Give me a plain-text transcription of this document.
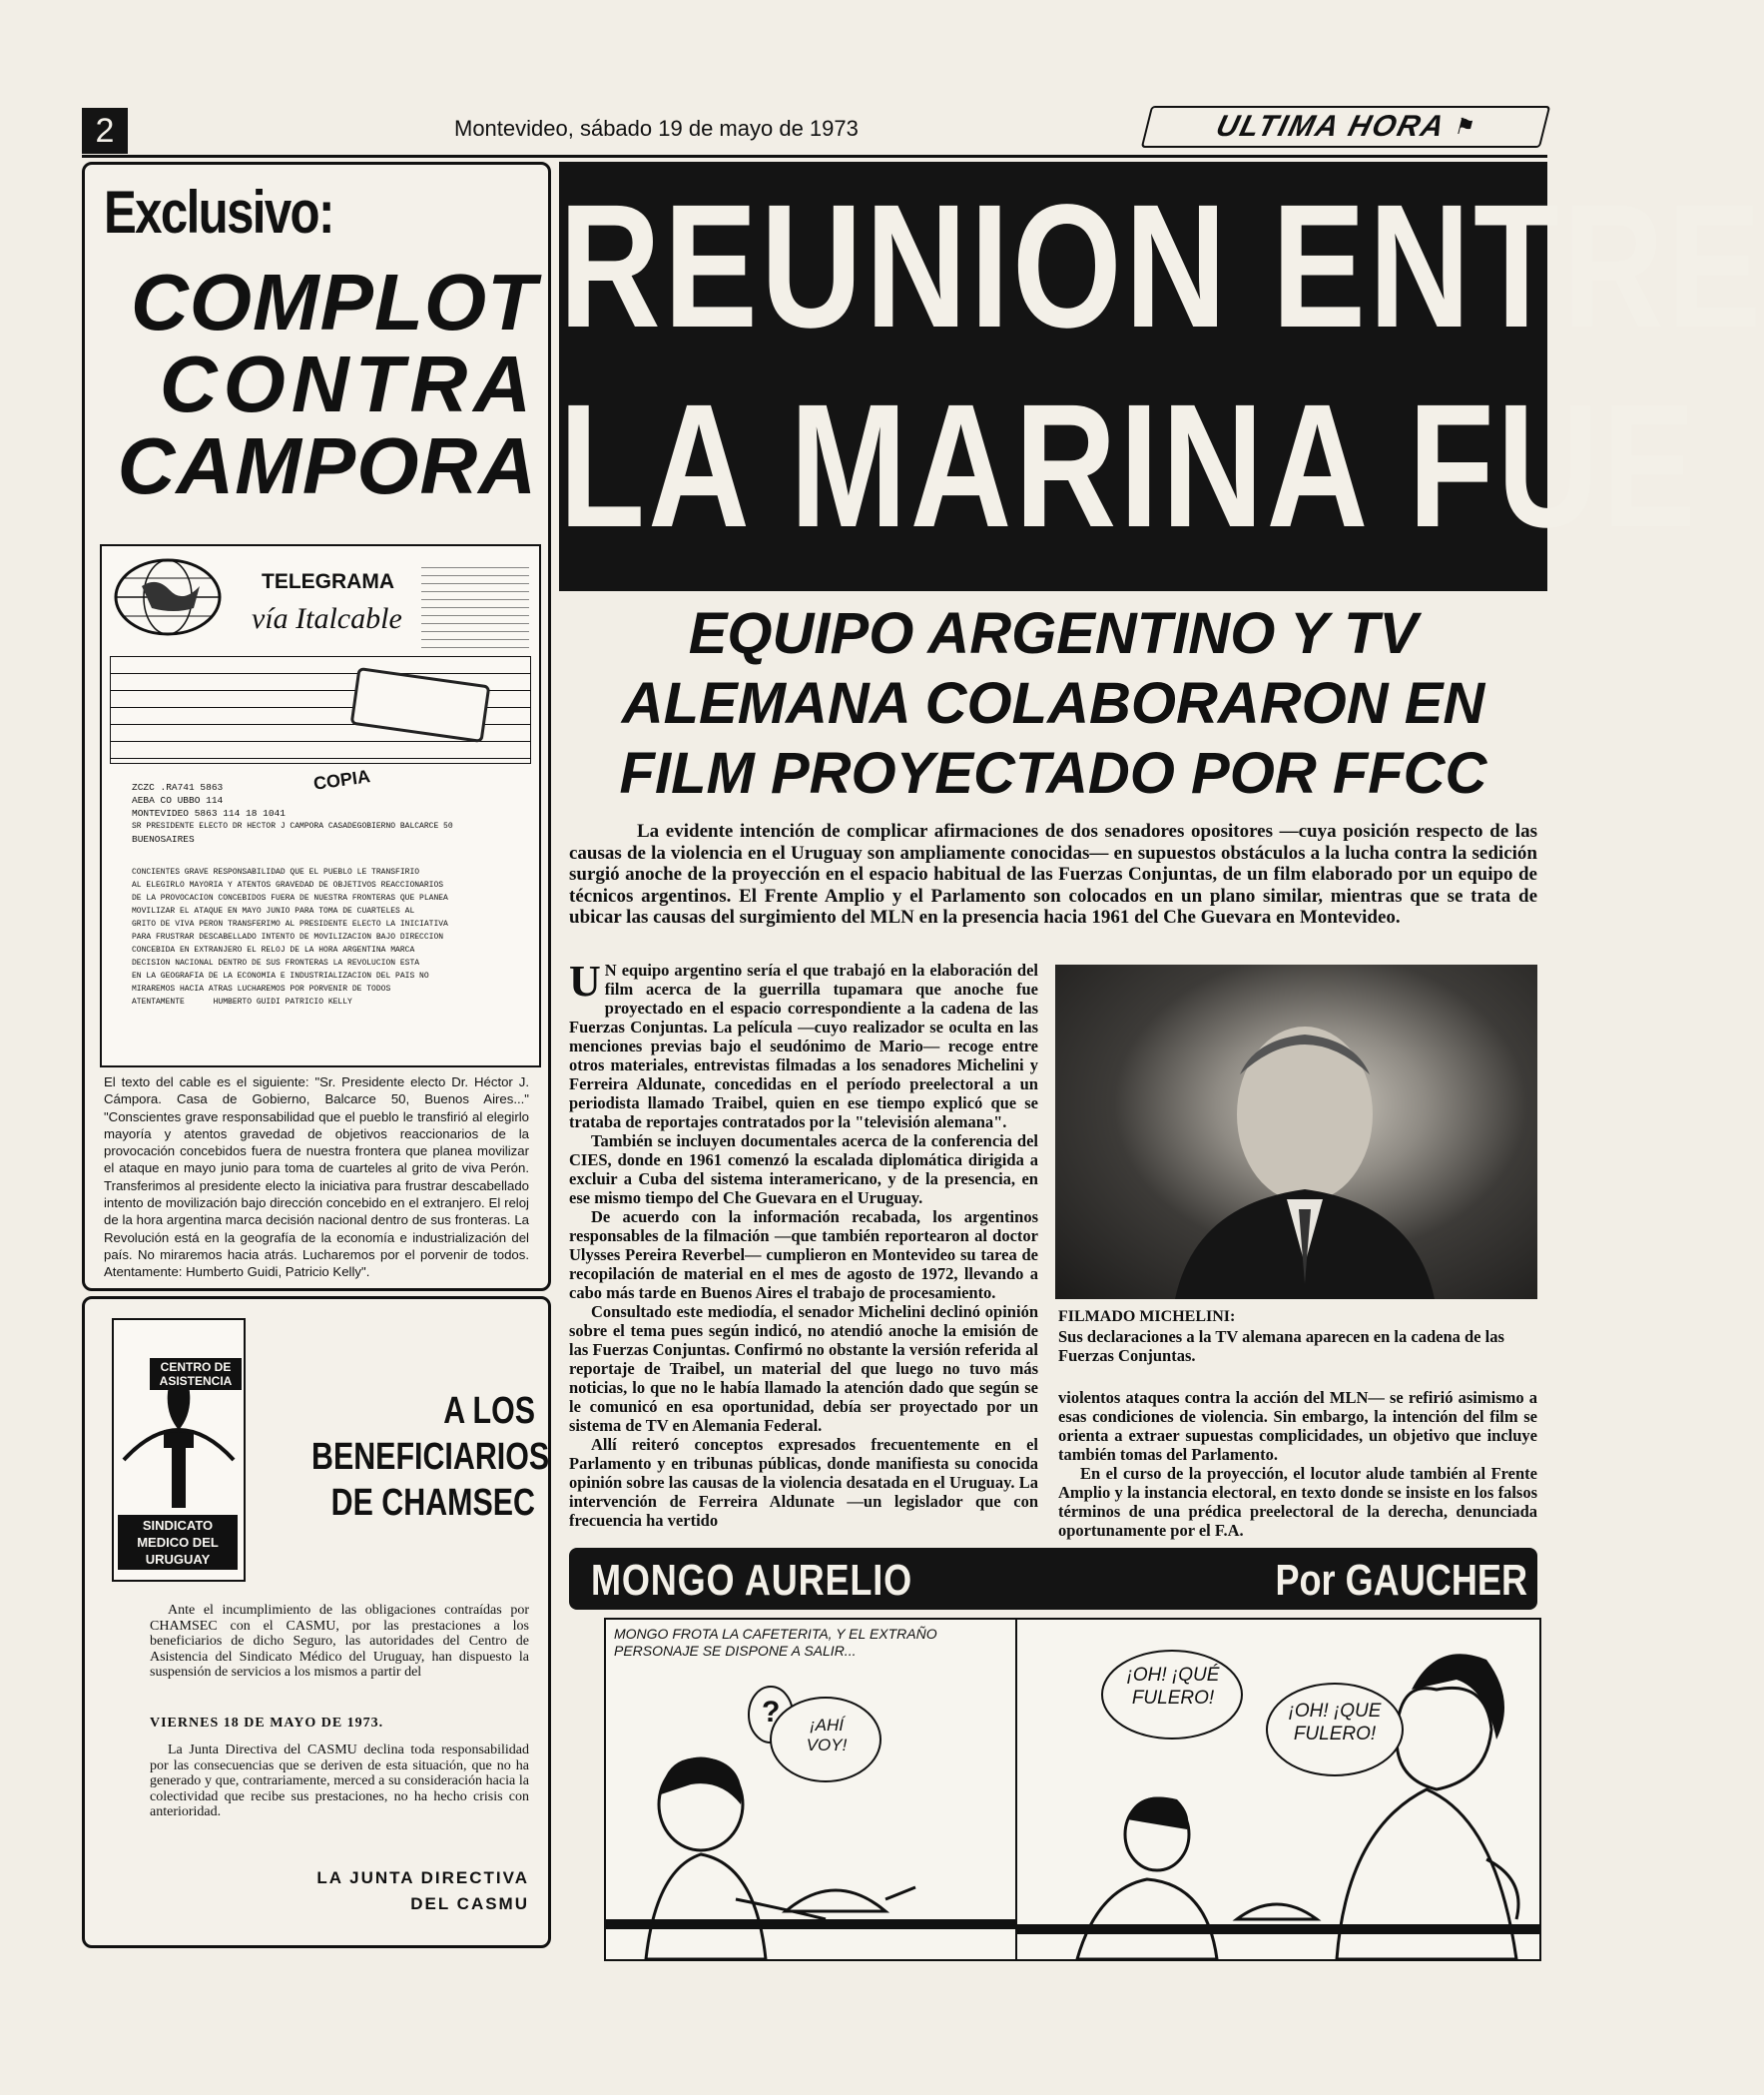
2	Montevideo, sábado 19 de mayo de 1973	ULTIMA HORA ⚑
Exclusivo:
COMPLOT
CONTRA
CAMPORA
TELEGRAMA
vía Italcable
COPIA
ZCZC .RA741 5863
AEBA CO UBBO 114
MONTEVIDEO 5863 114 18 1041
SR PRESIDENTE ELECTO DR HECTOR J CAMPORA CASADEGOBIERNO BALCARCE 50
BUENOSAIRES
CONCIENTES GRAVE RESPONSABILIDAD QUE EL PUEBLO LE TRANSFIRIO
AL ELEGIRLO MAYORIA Y ATENTOS GRAVEDAD DE OBJETIVOS REACCIONARIOS
DE LA PROVOCACION CONCEBIDOS FUERA DE NUESTRA FRONTERAS QUE PLANEA
MOVILIZAR EL ATAQUE EN MAYO JUNIO PARA TOMA DE CUARTELES AL
GRITO DE VIVA PERON TRANSFERIMO AL PRESIDENTE ELECTO LA INICIATIVA
PARA FRUSTRAR DESCABELLADO INTENTO DE MOVILIZACION BAJO DIRECCION
CONCEBIDA EN EXTRANJERO EL RELOJ DE LA HORA ARGENTINA MARCA
DECISION NACIONAL DENTRO DE SUS FRONTERAS LA REVOLUCION ESTA
EN LA GEOGRAFIA DE LA ECONOMIA E INDUSTRIALIZACION DEL PAIS NO
MIRAREMOS HACIA ATRAS LUCHAREMOS POR PORVENIR DE TODOS
ATENTAMENTE      HUMBERTO GUIDI PATRICIO KELLY
El texto del cable es el siguiente: "Sr. Presidente electo Dr. Héctor J. Cámpora. Casa de Gobierno, Balcarce 50, Buenos Aires..." "Conscientes grave responsabilidad que el pueblo le transfirió al elegirlo mayoría y atentos gravedad de objetivos reaccionarios de la provocación concebidos fuera de nuestra frontera que planea movilizar el ataque en mayo junio para toma de cuarteles al grito de viva Perón. Transferimos al presidente electo la iniciativa para frustrar descabellado intento de movilización bajo dirección concebido en el extranjero. El reloj de la hora argentina marca decisión nacional dentro de sus fronteras. La Revolución está en la geografía de la economía e industrialización del país. No miraremos hacia atrás. Lucharemos por el porvenir de todos. Atentamente: Humberto Guidi, Patricio Kelly".
CENTRO DE ASISTENCIA
SINDICATO MEDICO DEL URUGUAY
A LOS
BENEFICIARIOS
DE CHAMSEC
Ante el incumplimiento de las obligaciones contraídas por CHAMSEC con el CASMU, por las prestaciones a los beneficiarios de dicho Seguro, las autoridades del Centro de Asistencia del Sindicato Médico del Uruguay, han dispuesto la suspensión de servicios a los mismos a partir del
VIERNES 18 DE MAYO DE 1973.
La Junta Directiva del CASMU declina toda responsabilidad por las consecuencias que se deriven de esta situación, que no ha generado y que, contrariamente, merced a su consideración hacia la colectividad que recibe sus prestaciones, no ha hecho crisis con anterioridad.
LA JUNTA DIRECTIVA
DEL CASMU
REUNION ENTRE
LA MARINA FUE
EQUIPO ARGENTINO Y TV
ALEMANA COLABORARON EN
FILM PROYECTADO POR FFCC
La evidente intención de complicar afirmaciones de dos senadores opositores —cuya posición respecto de las causas de la violencia en el Uruguay son ampliamente conocidas— en supuestos obstáculos a la lucha contra la sedición surgió anoche de la proyección en el espacio habitual de las Fuerzas Conjuntas, de un film elaborado por un equipo de técnicos argentinos. El Frente Amplio y el Parlamento son colocados en un plano similar, mientras que se trata de ubicar las causas del surgimiento del MLN en la presencia hacia 1961 del Che Guevara en Montevideo.

U N equipo argentino sería el que trabajó en la elaboración del film acerca de la guerrilla tupamara que anoche fue proyectado en el espacio correspondiente a la cadena de las Fuerzas Conjuntas. La película —cuyo realizador se oculta en las menciones previas bajo el seudónimo de Mario— recoge entre otros materiales, entrevistas filmadas a los senadores Michelini y Ferreira Aldunate, concedidas en el período preelectoral a un periodista llamado Traibel, quien en ese tiempo explicó que se trataba de reportajes contratados por la "televisión alemana".

También se incluyen documentales acerca de la conferencia del CIES, donde en 1961 comenzó la escalada diplomática dirigida a excluir a Cuba del sistema interamericano, y de la presencia, en ese mismo tiempo del Che Guevara en el Uruguay.

De acuerdo con la información recabada, los argentinos responsables de la filmación —que también reportearon al doctor Ulysses Pereira Reverbel— cumplieron en Montevideo su tarea de recopilación de material en el mes de agosto de 1972, llevando a cabo más tarde en Buenos Aires el trabajo de procesamiento.

Consultado este mediodía, el senador Michelini declinó opinión sobre el tema pues según indicó, no atendió anoche la emisión de las Fuerzas Conjuntas. Confirmó no obstante la versión referida al reportaje de Traibel, un material del que luego no tuvo más noticias, lo que no le había llamado la atención dado que según se le comunicó en esa oportunidad, debía ser proyectado por un sistema de TV en Alemania Federal.

Allí reiteró conceptos expresados frecuentemente en el Parlamento y en tribunas públicas, donde manifiesta su conocida opinión sobre las causas de la violencia desatada en el Uruguay. La intervención de Ferreira Aldunate —un legislador que con frecuencia ha vertido

FILMADO MICHELINI:
Sus declaraciones a la TV alemana aparecen en la cadena de las Fuerzas Conjuntas.

violentos ataques contra la acción del MLN— se refirió asimismo a esas condiciones de violencia. Sin embargo, la intención del film se orienta a extraer supuestas complicidades, un objetivo que incluye también tomas del Parlamento.

En el curso de la proyección, el locutor alude también al Frente Amplio y la instancia electoral, en texto donde se insiste en los falsos términos de una prédica preelectoral de la derecha, denunciada oportunamente por el F.A.

MONGO AURELIO	Por GAUCHER
MONGO FROTA LA CAFETERITA, Y EL EXTRAÑO PERSONAJE SE DISPONE A SALIR...
?	¡AHÍ VOY!
¡OH! ¡QUÉ FULERO!
¡OH! ¡QUE FULERO!
